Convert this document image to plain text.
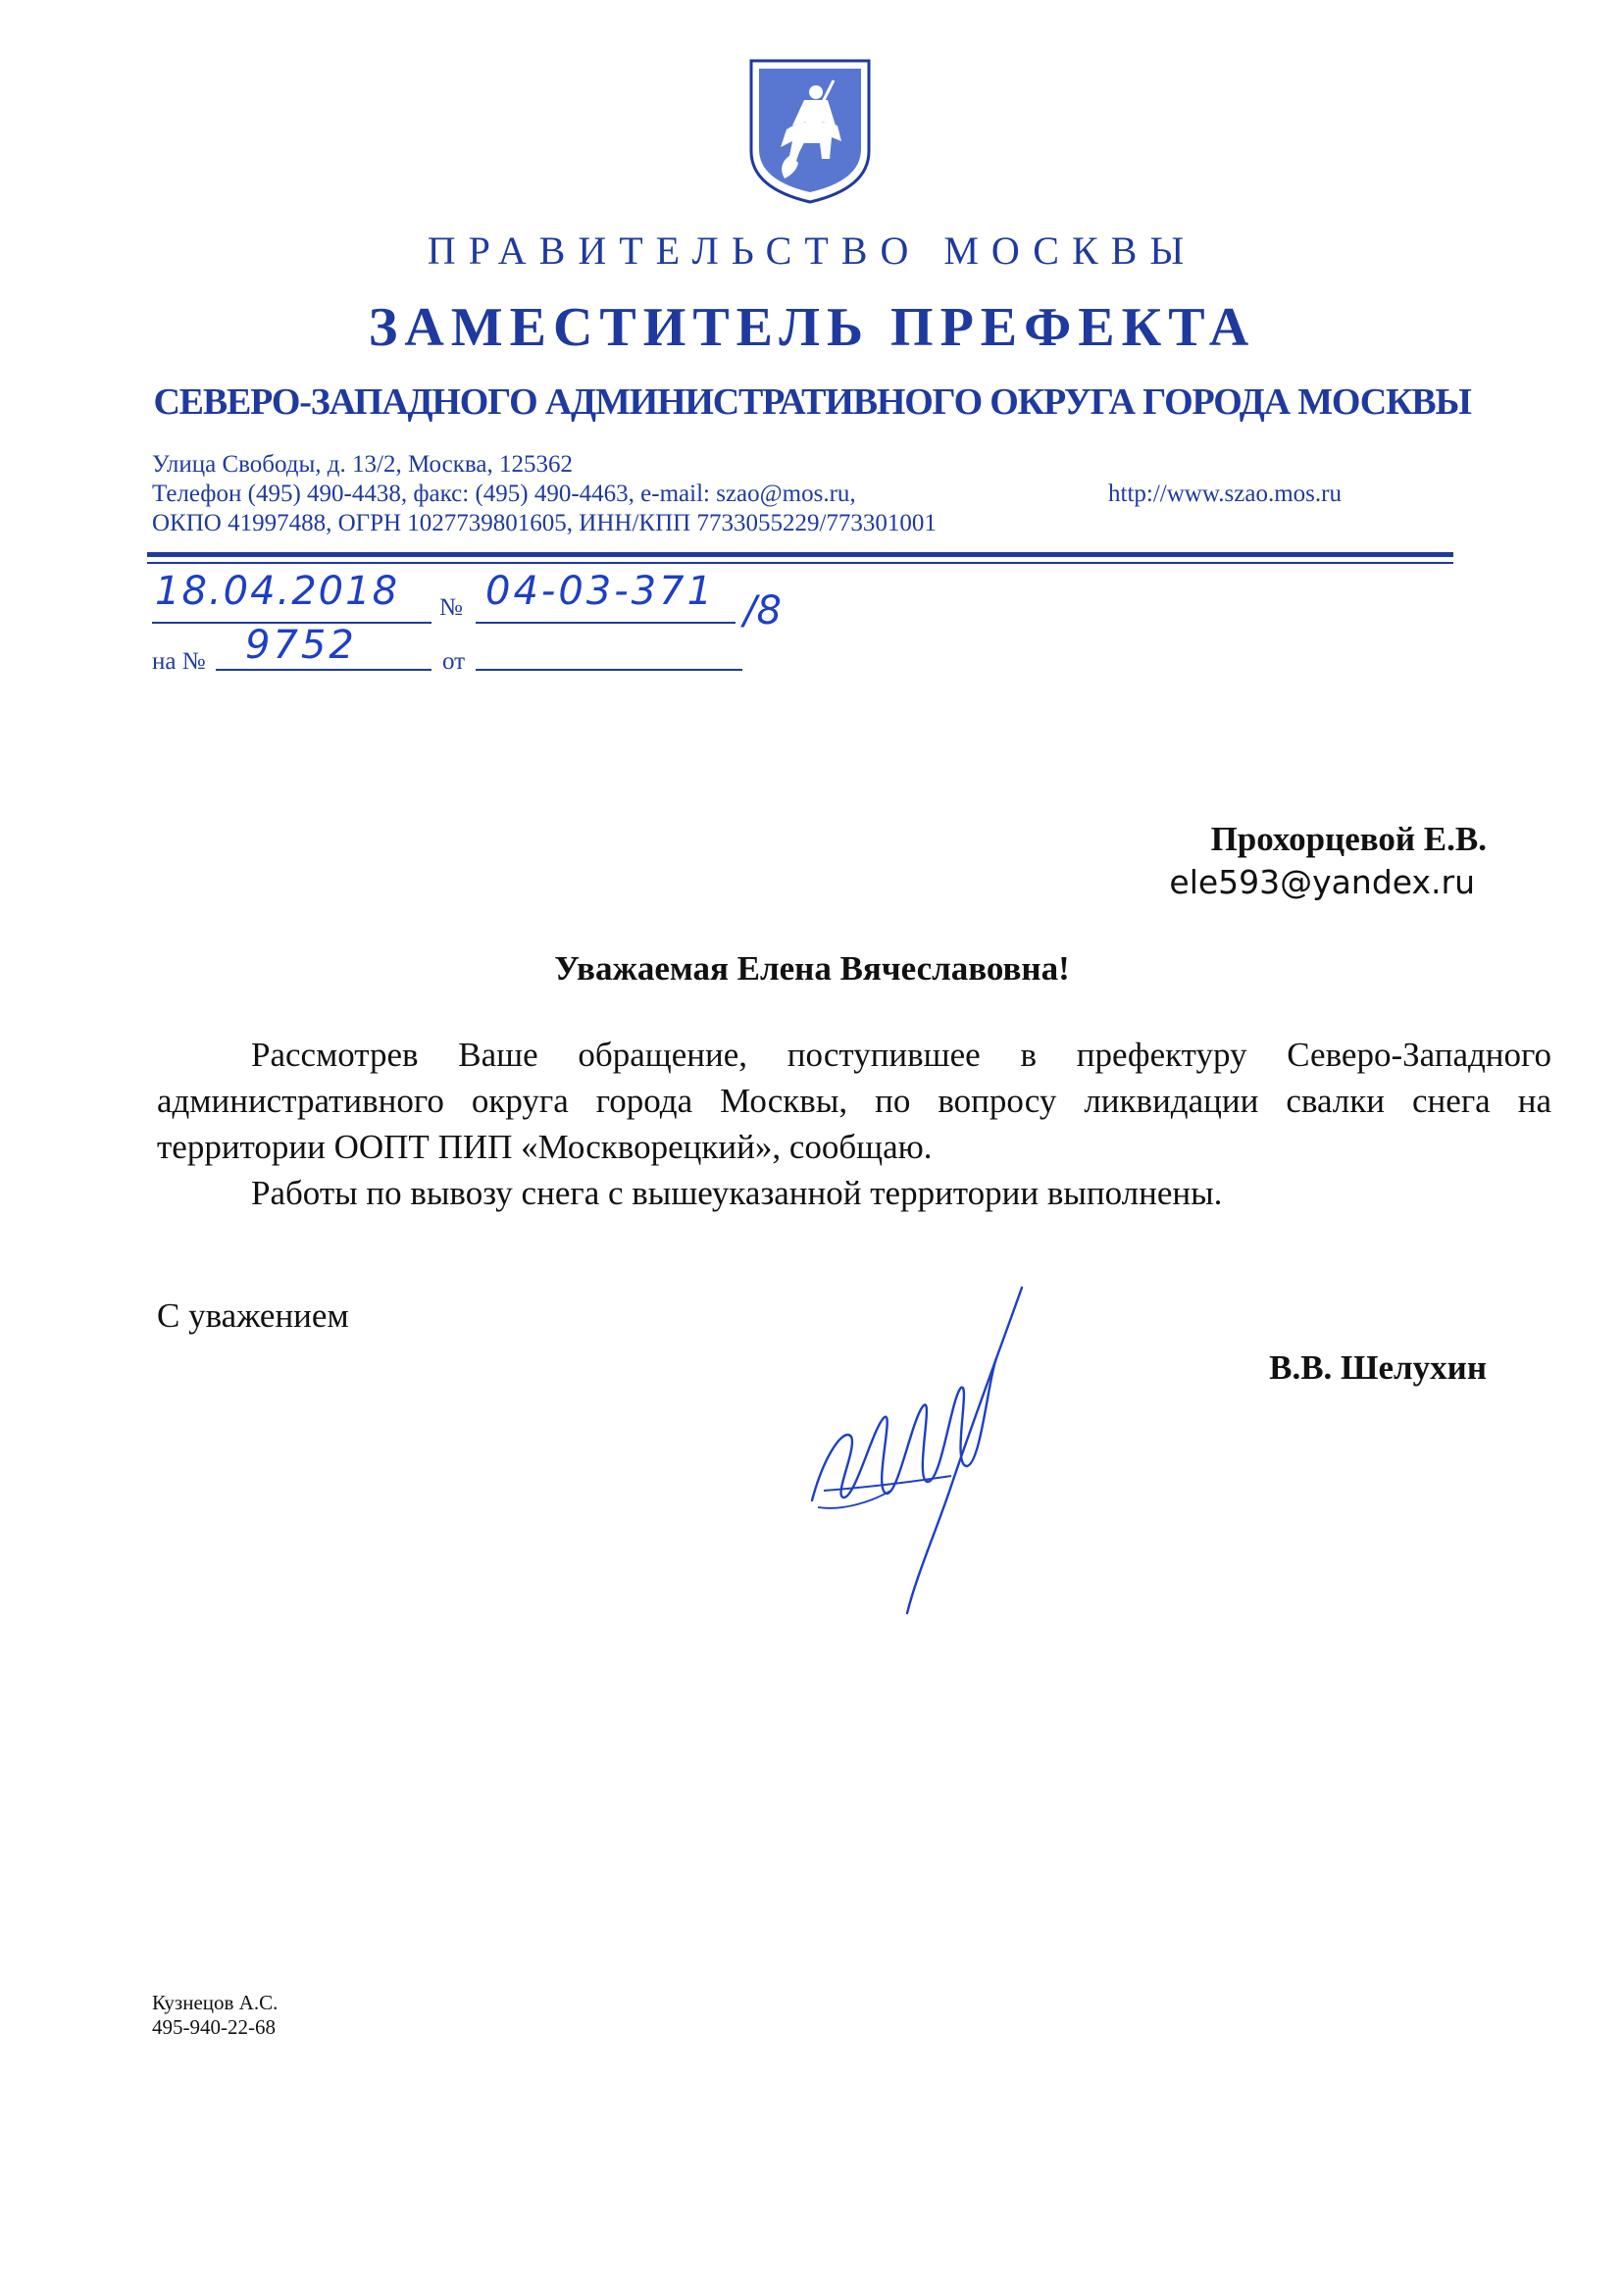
ПРАВИТЕЛЬСТВО МОСКВЫ
ЗАМЕСТИТЕЛЬ ПРЕФЕКТА
СЕВЕРО-ЗАПАДНОГО АДМИНИСТРАТИВНОГО ОКРУГА ГОРОДА МОСКВЫ
Улица Свободы, д. 13/2, Москва, 125362
Телефон (495) 490-4438, факс: (495) 490-4463, e-mail: szao@mos.ru,
ОКПО 41997488, ОГРН 1027739801605, ИНН/КПП 7733055229/773301001
http://www.szao.mos.ru
18.04.2018 № 04-03-371 /8
на № 9752	от
Прохорцевой Е.В.
ele593@yandex.ru
Уважаемая Елена Вячеславовна!

Рассмотрев Ваше обращение, поступившее в префектуру Северо-Западного административного округа города Москвы, по вопросу ликвидации свалки снега на территории ООПТ ПИП «Москворецкий», сообщаю.

Работы по вывозу снега с вышеуказанной территории выполнены.

С уважением
В.В. Шелухин
Кузнецов А.С.
495-940-22-68
